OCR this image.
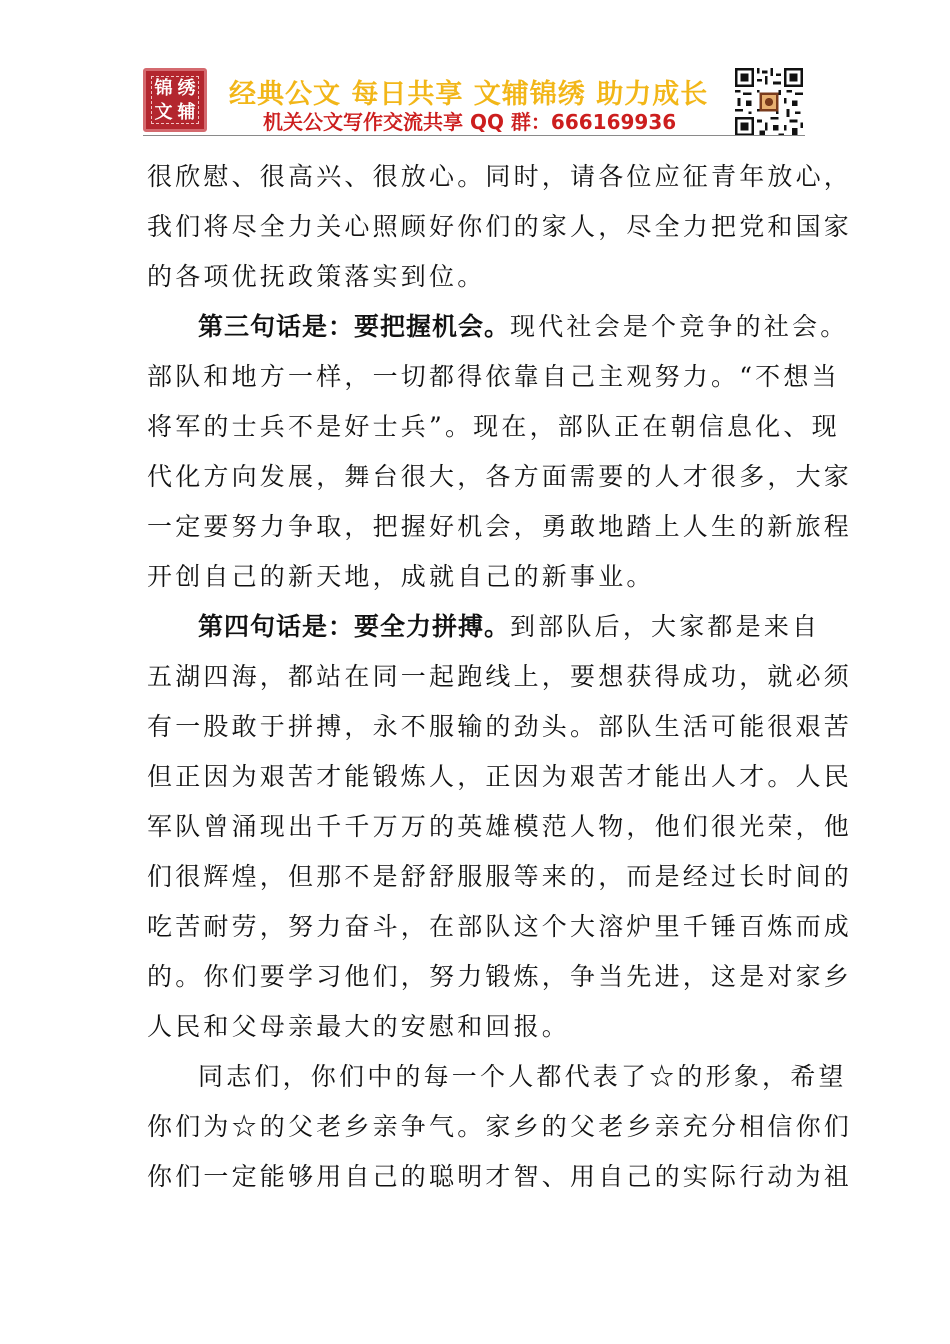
锦 绣
文 辅
经典公文 每日共享 文辅锦绣 助力成长
机关公文写作交流共享 QQ 群：666169936
很欣慰、很高兴、很放心。同时，请各位应征青年放心，
我们将尽全力关心照顾好你们的家人，尽全力把党和国家
的各项优抚政策落实到位。
第三句话是：要把握机会。现代社会是个竞争的社会。
部队和地方一样，一切都得依靠自己主观努力。“不想当
将军的士兵不是好士兵”。现在，部队正在朝信息化、现
代化方向发展，舞台很大，各方面需要的人才很多，大家
一定要努力争取，把握好机会，勇敢地踏上人生的新旅程
开创自己的新天地，成就自己的新事业。
第四句话是：要全力拼搏。到部队后，大家都是来自
五湖四海，都站在同一起跑线上，要想获得成功，就必须
有一股敢于拼搏，永不服输的劲头。部队生活可能很艰苦
但正因为艰苦才能锻炼人，正因为艰苦才能出人才。人民
军队曾涌现出千千万万的英雄模范人物，他们很光荣，他
们很辉煌，但那不是舒舒服服等来的，而是经过长时间的
吃苦耐劳，努力奋斗，在部队这个大溶炉里千锤百炼而成
的。你们要学习他们，努力锻炼，争当先进，这是对家乡
人民和父母亲最大的安慰和回报。
同志们，你们中的每一个人都代表了☆的形象，希望
你们为☆的父老乡亲争气。家乡的父老乡亲充分相信你们
你们一定能够用自己的聪明才智、用自己的实际行动为祖
